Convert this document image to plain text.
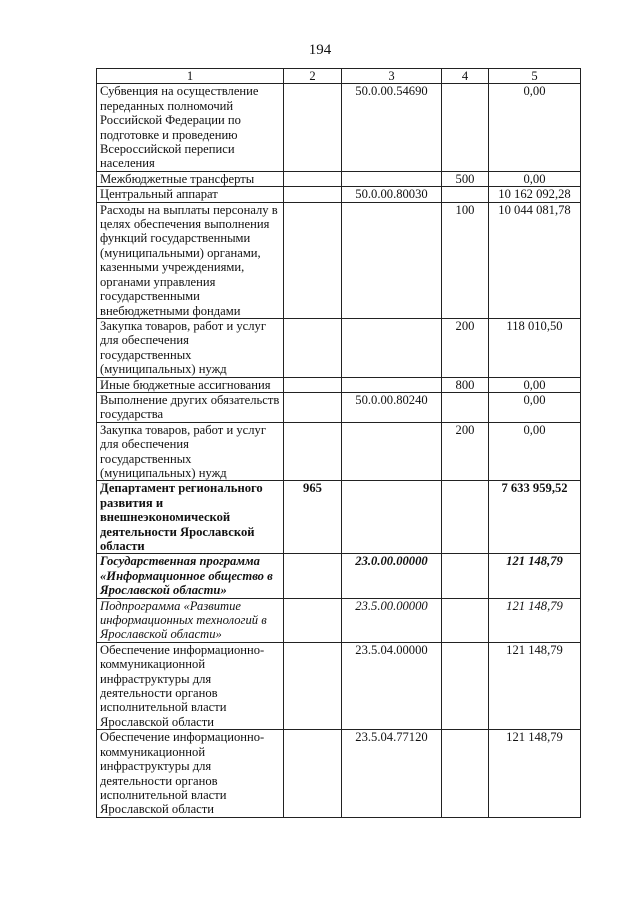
194
1	2	3	4	5
Субвенция на осуществление переданных полномочий Российской Федерации по подготовке и проведению Всероссийской переписи населения		50.0.00.54690		0,00
Межбюджетные трансферты			500	0,00
Центральный аппарат		50.0.00.80030		10 162 092,28
Расходы на выплаты персоналу в целях обеспечения выполнения функций государственными (муниципальными) органами, казенными учреждениями, органами управления государственными внебюджетными фондами			100	10 044 081,78
Закупка товаров, работ и услуг для обеспечения государственных (муниципальных) нужд			200	118 010,50
Иные бюджетные ассигнования			800	0,00
Выполнение других обязательств государства		50.0.00.80240		0,00
Закупка товаров, работ и услуг для обеспечения государственных (муниципальных) нужд			200	0,00
Департамент регионального развития и внешнеэкономической деятельности Ярославской области	965			7 633 959,52
Государственная программа «Информационное общество в Ярославской области»		23.0.00.00000		121 148,79
Подпрограмма «Развитие информационных технологий в Ярославской области»		23.5.00.00000		121 148,79
Обеспечение информационно-коммуникационной инфраструктуры для деятельности органов исполнительной власти Ярославской области		23.5.04.00000		121 148,79
Обеспечение информационно-коммуникационной инфраструктуры для деятельности органов исполнительной власти Ярославской области		23.5.04.77120		121 148,79
